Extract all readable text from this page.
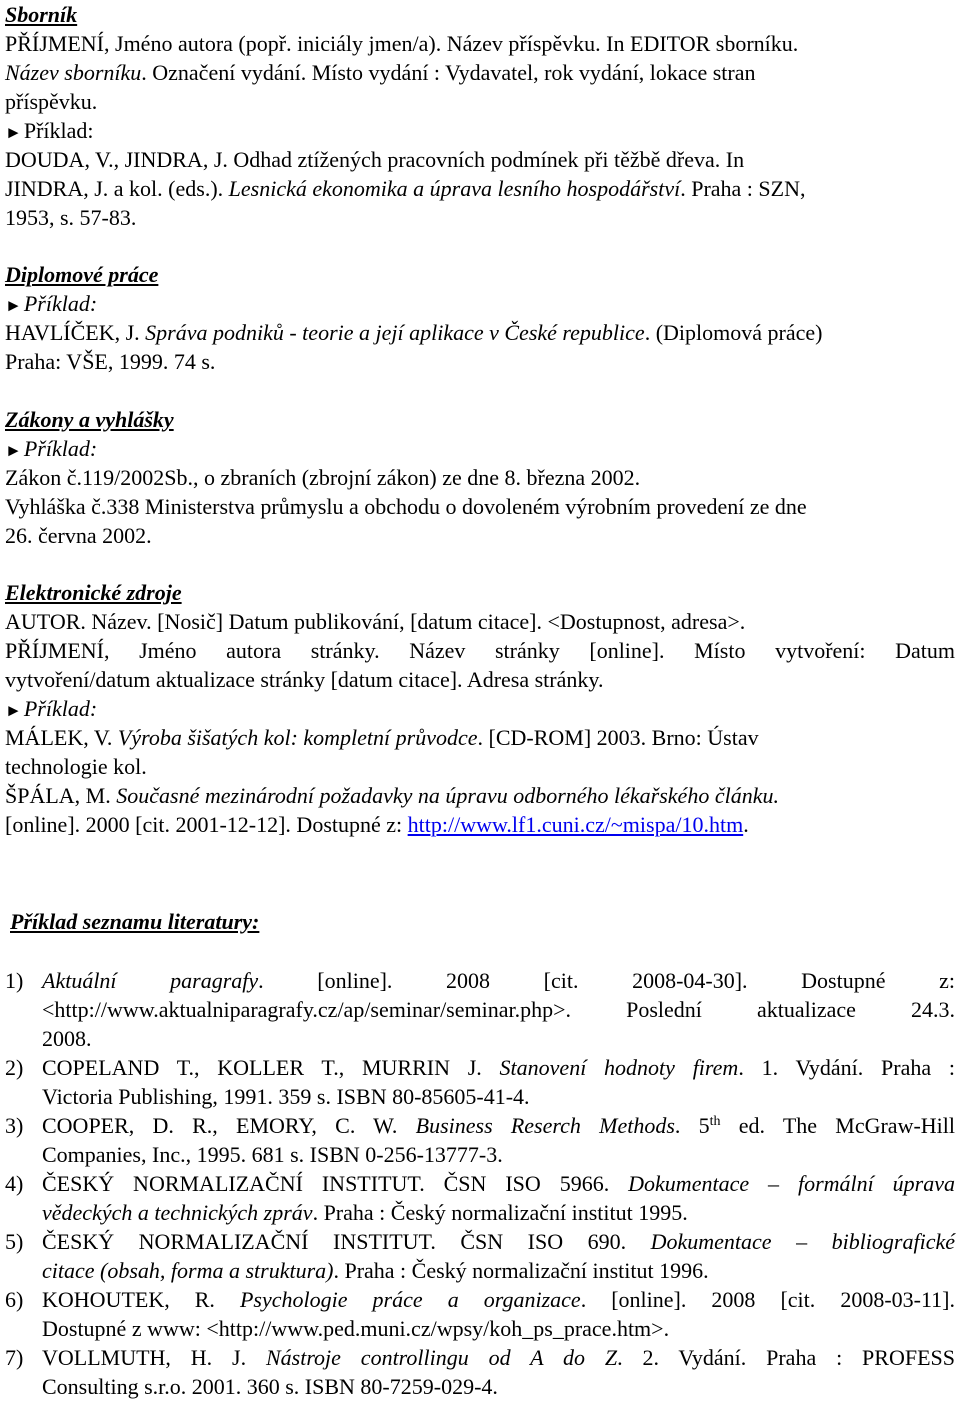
Sborník
PŘÍJMENÍ, Jméno autora (popř. iniciály jmen/a). Název příspěvku. In EDITOR sborníku.
Název sborníku. Označení vydání. Místo vydání : Vydavatel, rok vydání, lokace stran
příspěvku.
►Příklad:
DOUDA, V., JINDRA, J. Odhad ztížených pracovních podmínek při těžbě dřeva. In
JINDRA, J. a kol. (eds.). Lesnická ekonomika a úprava lesního hospodářství. Praha : SZN,
1953, s. 57-83.
Diplomové práce
►Příklad:
HAVLÍČEK, J. Správa podniků - teorie a její aplikace v České republice. (Diplomová práce)
Praha: VŠE, 1999. 74 s.
Zákony a vyhlášky
►Příklad:
Zákon č.119/2002Sb., o zbraních (zbrojní zákon) ze dne 8. března 2002.
Vyhláška č.338 Ministerstva průmyslu a obchodu o dovoleném výrobním provedení ze dne
26. června 2002.
Elektronické zdroje
AUTOR. Název. [Nosič] Datum publikování, [datum citace]. <Dostupnost, adresa>.
PŘÍJMENÍ, Jméno autora stránky. Název stránky [online]. Místo vytvoření: Datum
vytvoření/datum aktualizace stránky [datum citace]. Adresa stránky.
►Příklad:
MÁLEK, V. Výroba šišatých kol: kompletní průvodce. [CD-ROM] 2003. Brno: Ústav
technologie kol.
ŠPÁLA, M. Současné mezinárodní požadavky na úpravu odborného lékařského článku.
[online]. 2000 [cit. 2001-12-12]. Dostupné z: http://www.lf1.cuni.cz/~mispa/10.htm.
Příklad seznamu literatury:
1) Aktuální paragrafy. [online]. 2008 [cit. 2008-04-30]. Dostupné z:
<http://www.aktualniparagrafy.cz/ap/seminar/seminar.php>. Poslední aktualizace 24.3.
2008.
2) COPELAND T., KOLLER T., MURRIN J. Stanovení hodnoty firem. 1. Vydání. Praha :
Victoria Publishing, 1991. 359 s. ISBN 80-85605-41-4.
3) COOPER, D. R., EMORY, C. W. Business Reserch Methods. 5th ed. The McGraw-Hill
Companies, Inc., 1995. 681 s. ISBN 0-256-13777-3.
4) ČESKÝ NORMALIZAČNÍ INSTITUT. ČSN ISO 5966. Dokumentace – formální úprava
vědeckých a technických zpráv. Praha : Český normalizační institut 1995.
5) ČESKÝ NORMALIZAČNÍ INSTITUT. ČSN ISO 690. Dokumentace – bibliografické
citace (obsah, forma a struktura). Praha : Český normalizační institut 1996.
6) KOHOUTEK, R. Psychologie práce a organizace. [online]. 2008 [cit. 2008-03-11].
Dostupné z www: <http://www.ped.muni.cz/wpsy/koh_ps_prace.htm>.
7) VOLLMUTH, H. J. Nástroje controllingu od A do Z. 2. Vydání. Praha : PROFESS
Consulting s.r.o. 2001. 360 s. ISBN 80-7259-029-4.
